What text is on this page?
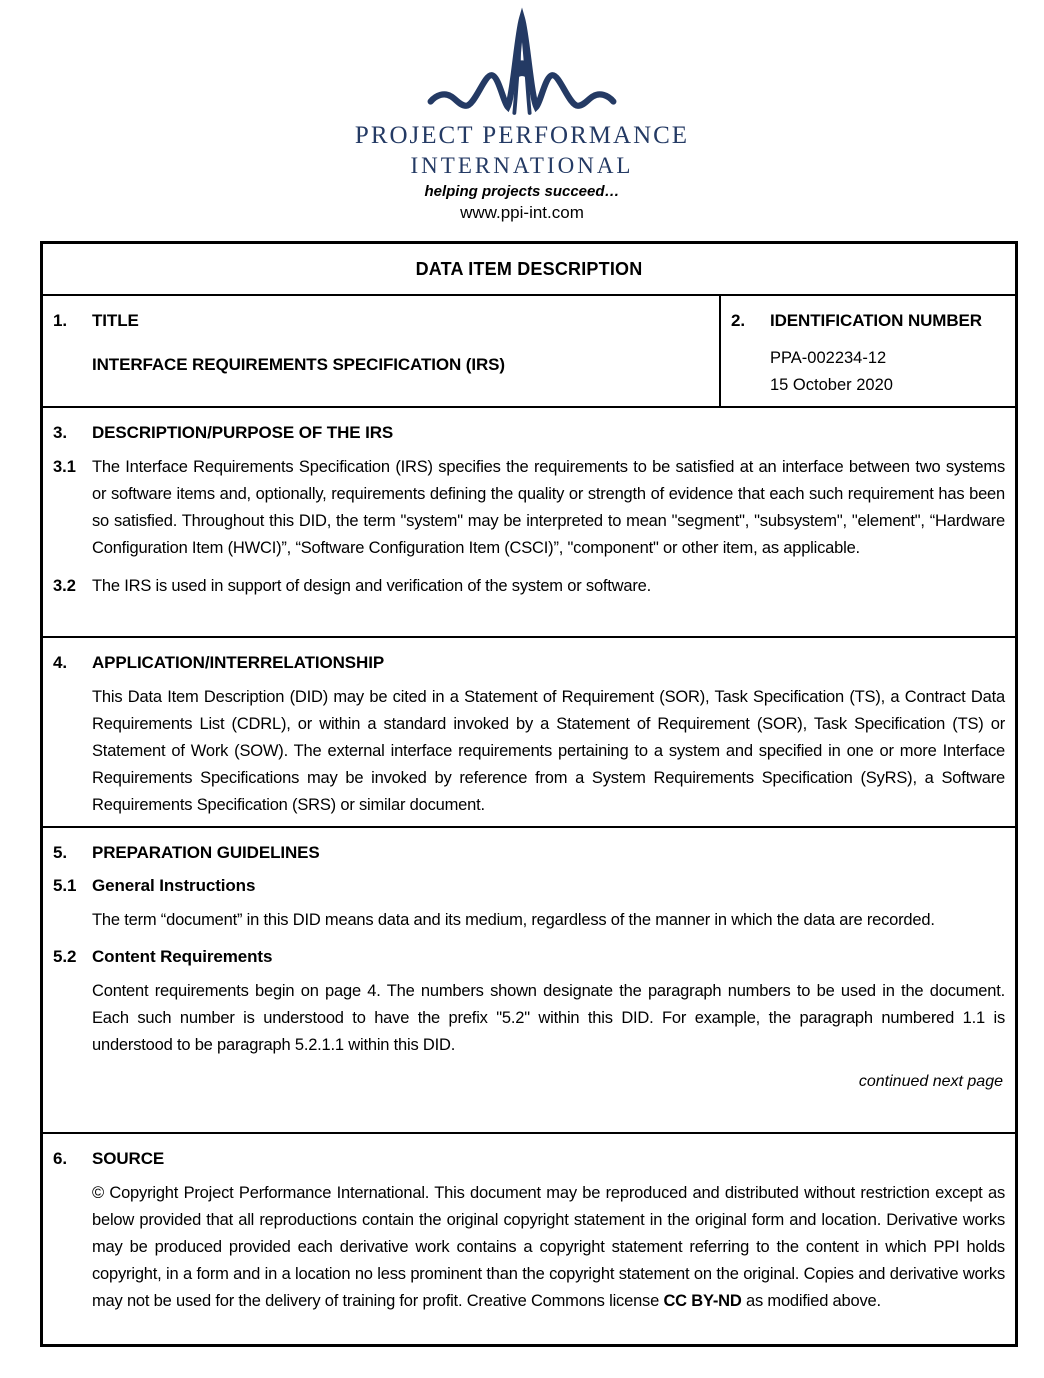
PROJECT PERFORMANCE
INTERNATIONAL
helping projects succeed…
www.ppi-int.com
DATA ITEM DESCRIPTION
1.	TITLE
INTERFACE REQUIREMENTS SPECIFICATION (IRS)
2.	IDENTIFICATION NUMBER
PPA-002234-12
15 October 2020
3.	DESCRIPTION/PURPOSE OF THE IRS
3.1 The Interface Requirements Specification (IRS) specifies the requirements to be satisfied at an interface between two systems or software items and, optionally, requirements defining the quality or strength of evidence that each such requirement has been so satisfied. Throughout this DID, the term "system" may be interpreted to mean "segment", "subsystem", "element", “Hardware Configuration Item (HWCI)”, “Software Configuration Item (CSCI)”, "component" or other item, as applicable.
3.2 The IRS is used in support of design and verification of the system or software.
4.	APPLICATION/INTERRELATIONSHIP
This Data Item Description (DID) may be cited in a Statement of Requirement (SOR), Task Specification (TS), a Contract Data Requirements List (CDRL), or within a standard invoked by a Statement of Requirement (SOR), Task Specification (TS) or Statement of Work (SOW). The external interface requirements pertaining to a system and specified in one or more Interface Requirements Specifications may be invoked by reference from a System Requirements Specification (SyRS), a Software Requirements Specification (SRS) or similar document.
5.	PREPARATION GUIDELINES
5.1 General Instructions
The term “document” in this DID means data and its medium, regardless of the manner in which the data are recorded.
5.2 Content Requirements
Content requirements begin on page 4. The numbers shown designate the paragraph numbers to be used in the document. Each such number is understood to have the prefix "5.2" within this DID. For example, the paragraph numbered 1.1 is understood to be paragraph 5.2.1.1 within this DID.
continued next page
6.	SOURCE
© Copyright Project Performance International. This document may be reproduced and distributed without restriction except as below provided that all reproductions contain the original copyright statement in the original form and location. Derivative works may be produced provided each derivative work contains a copyright statement referring to the content in which PPI holds copyright, in a form and in a location no less prominent than the copyright statement on the original. Copies and derivative works may not be used for the delivery of training for profit. Creative Commons license CC BY-ND as modified above.
